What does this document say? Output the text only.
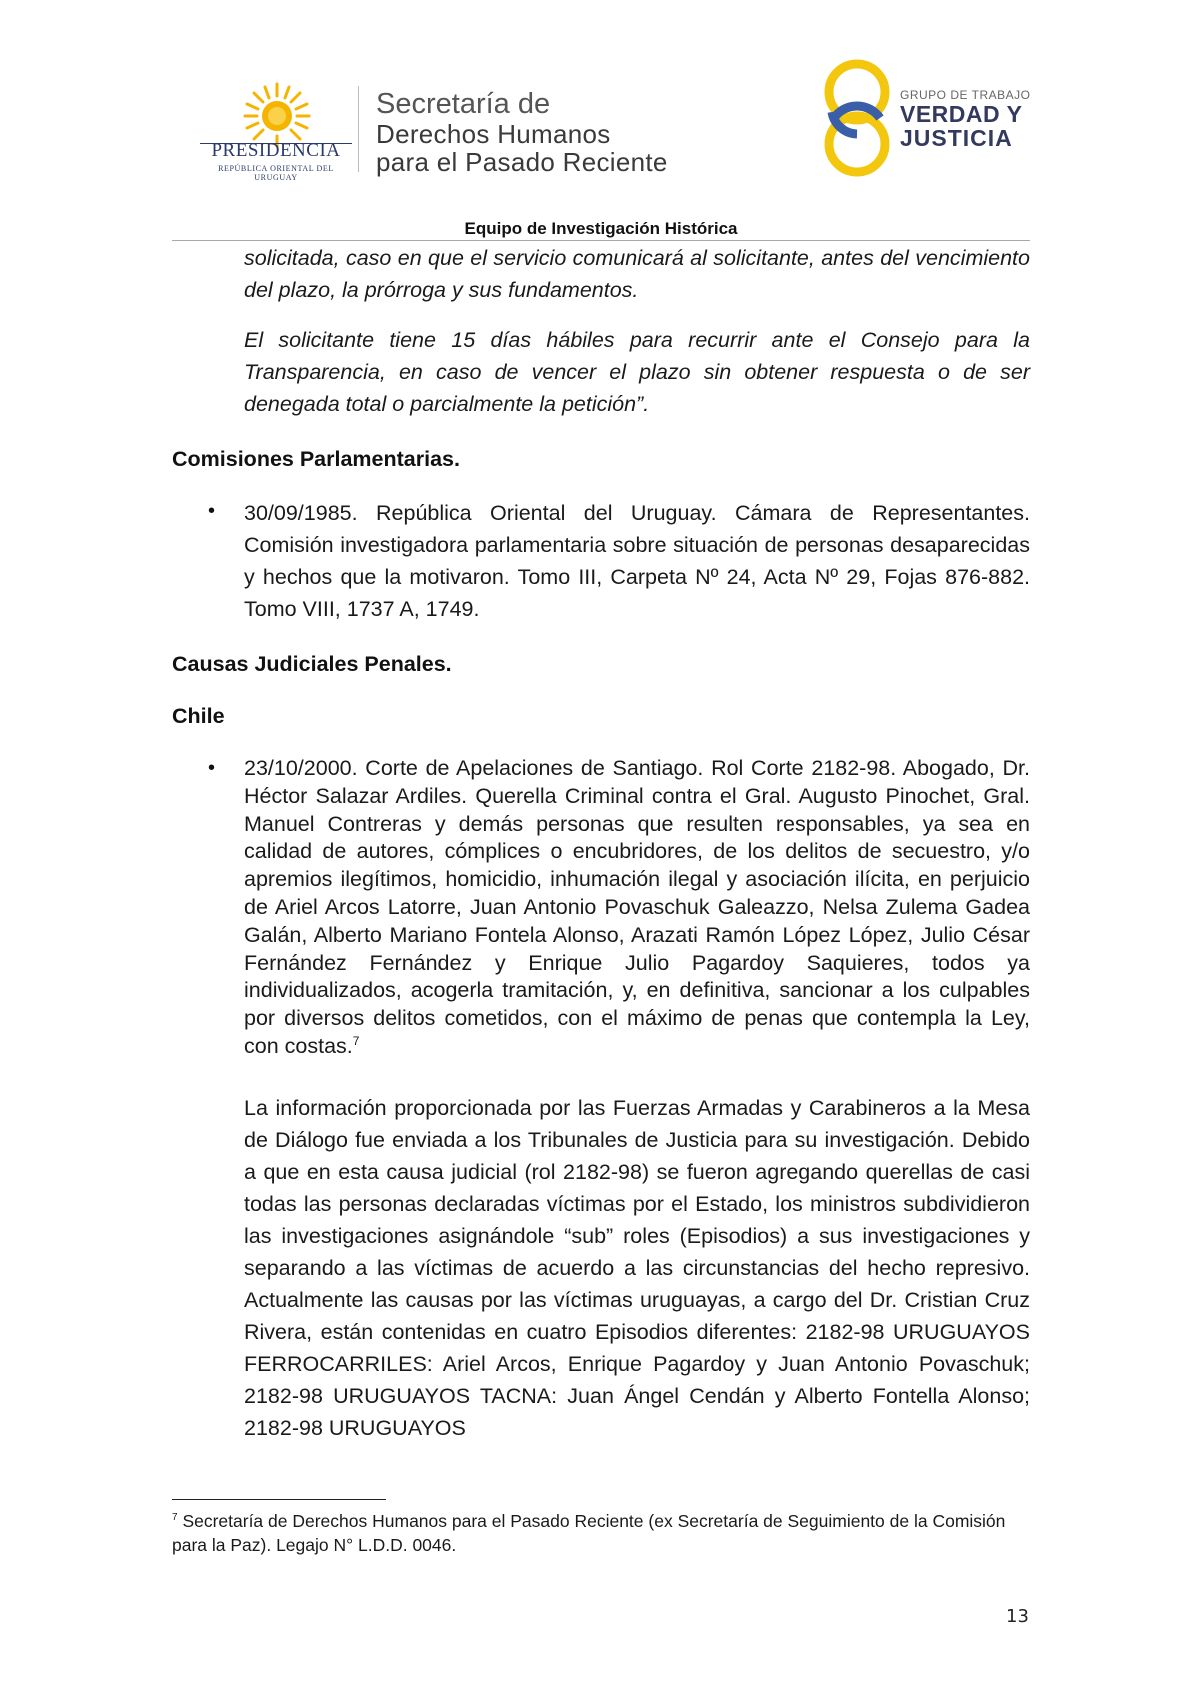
PRESIDENCIA
REPÚBLICA ORIENTAL DEL URUGUAY
Secretaría de
Derechos Humanos
para el Pasado Reciente
GRUPO DE TRABAJO
VERDAD Y
JUSTICIA
Equipo de Investigación Histórica
solicitada, caso en que el servicio comunicará al solicitante, antes del vencimiento del plazo, la prórroga y sus fundamentos.
El solicitante tiene 15 días hábiles para recurrir ante el Consejo para la Transparencia, en caso de vencer el plazo sin obtener respuesta o de ser denegada total o parcialmente la petición”.
Comisiones Parlamentarias.
• 30/09/1985. República Oriental del Uruguay. Cámara de Representantes. Comisión investigadora parlamentaria sobre situación de personas desaparecidas y hechos que la motivaron. Tomo III, Carpeta Nº 24, Acta Nº 29, Fojas 876-882. Tomo VIII, 1737 A, 1749.
Causas Judiciales Penales.
Chile
• 23/10/2000. Corte de Apelaciones de Santiago. Rol Corte 2182-98. Abogado, Dr. Héctor Salazar Ardiles. Querella Criminal contra el Gral. Augusto Pinochet, Gral. Manuel Contreras y demás personas que resulten responsables, ya sea en calidad de autores, cómplices o encubridores, de los delitos de secuestro, y/o apremios ilegítimos, homicidio, inhumación ilegal y asociación ilícita, en perjuicio de Ariel Arcos Latorre, Juan Antonio Povaschuk Galeazzo, Nelsa Zulema Gadea Galán, Alberto Mariano Fontela Alonso, Arazati Ramón López López, Julio César Fernández Fernández y Enrique Julio Pagardoy Saquieres, todos ya individualizados, acogerla tramitación, y, en definitiva, sancionar a los culpables por diversos delitos cometidos, con el máximo de penas que contempla la Ley, con costas.$^7$
La información proporcionada por las Fuerzas Armadas y Carabineros a la Mesa de Diálogo fue enviada a los Tribunales de Justicia para su investigación. Debido a que en esta causa judicial (rol 2182-98) se fueron agregando querellas de casi todas las personas declaradas víctimas por el Estado, los ministros subdividieron las investigaciones asignándole “sub” roles (Episodios) a sus investigaciones y separando a las víctimas de acuerdo a las circunstancias del hecho represivo. Actualmente las causas por las víctimas uruguayas, a cargo del Dr. Cristian Cruz Rivera, están contenidas en cuatro Episodios diferentes: 2182-98 URUGUAYOS FERROCARRILES: Ariel Arcos, Enrique Pagardoy y Juan Antonio Povaschuk; 2182-98 URUGUAYOS TACNA: Juan Ángel Cendán y Alberto Fontella Alonso; 2182-98 URUGUAYOS
$^7$ Secretaría de Derechos Humanos para el Pasado Reciente (ex Secretaría de Seguimiento de la Comisión para la Paz). Legajo N° L.D.D. 0046.
13
